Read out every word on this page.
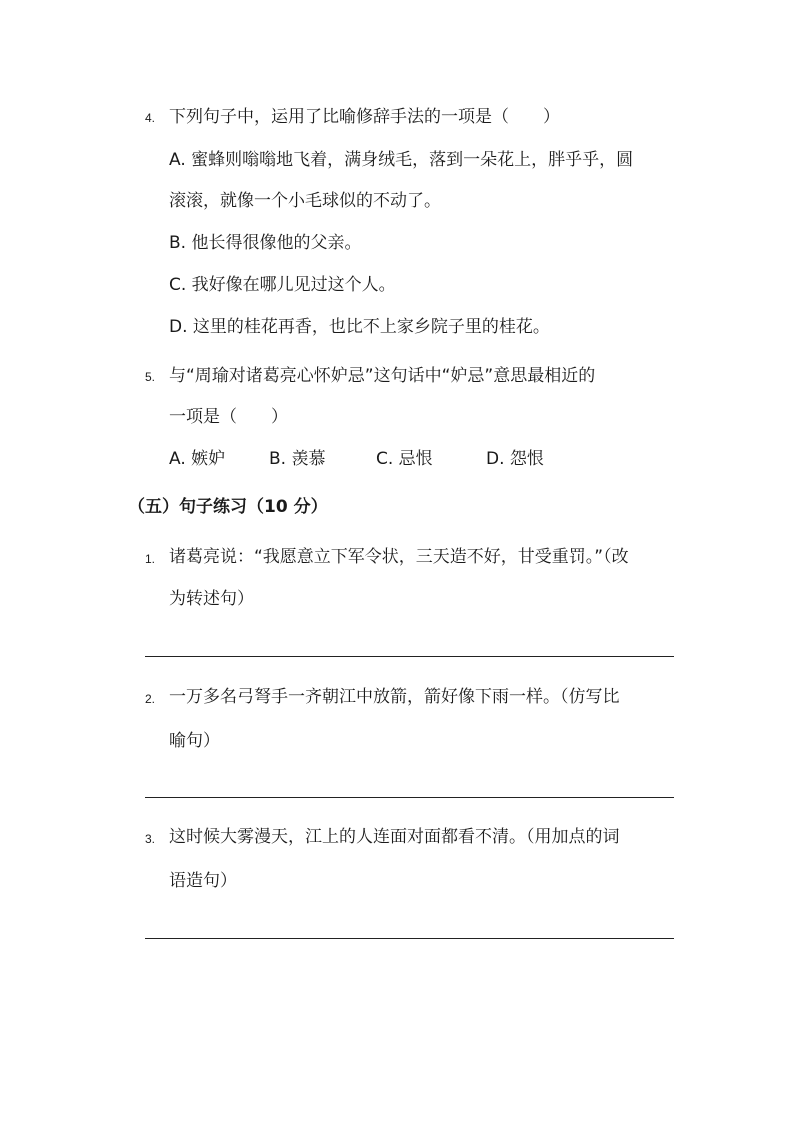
4. 下列句子中，运用了比喻修辞手法的一项是（　　）
A. 蜜蜂则嗡嗡地飞着，满身绒毛，落到一朵花上，胖乎乎，圆
滚滚，就像一个小毛球似的不动了。
B. 他长得很像他的父亲。
C. 我好像在哪儿见过这个人。
D. 这里的桂花再香，也比不上家乡院子里的桂花。
5. 与“周瑜对诸葛亮心怀妒忌”这句话中“妒忌”意思最相近的
一项是（　　）
A. 嫉妒	B. 羡慕	C. 忌恨	D. 怨恨
（五）句子练习（10 分）
1. 诸葛亮说：“我愿意立下军令状，三天造不好，甘受重罚。”（改
为转述句）
2. 一万多名弓弩手一齐朝江中放箭，箭好像下雨一样。（仿写比
喻句）
3. 这时候大雾漫天，江上的人连面对面都看不清。（用加点的词
语造句）
